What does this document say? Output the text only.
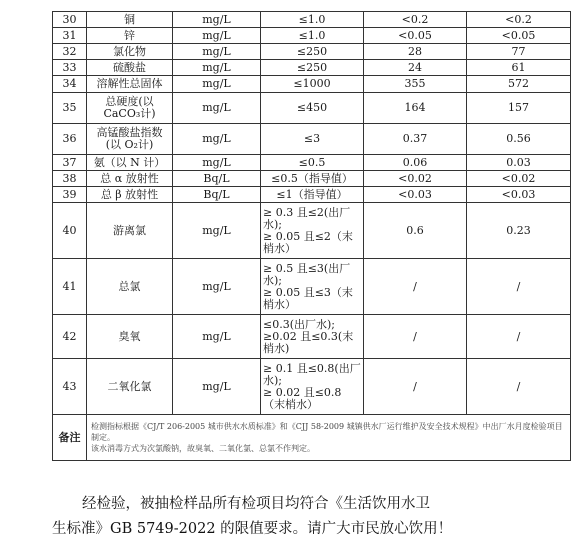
30	铜	mg/L	≤1.0	<0.2	<0.2
31	锌	mg/L	≤1.0	<0.05	<0.05
32	氯化物	mg/L	≤250	28	77
33	硫酸盐	mg/L	≤250	24	61
34	溶解性总固体	mg/L	≤1000	355	572
35	总硬度(以CaCO₃计)	mg/L	≤450	164	157
36	高锰酸盐指数(以 O₂计)	mg/L	≤3	0.37	0.56
37	氨（以 N 计）	mg/L	≤0.5	0.06	0.03
38	总 α 放射性	Bq/L	≤0.5（指导值）	<0.02	<0.02
39	总 β 放射性	Bq/L	≤1（指导值）	<0.03	<0.03
40	游离氯	mg/L	≥ 0.3 且≤2(出厂水);
≥ 0.05 且≤2（末梢水）	0.6	0.23
41	总氯	mg/L	≥ 0.5 且≤3(出厂水);
≥ 0.05 且≤3（末梢水）	/	/
42	臭氧	mg/L	≤0.3(出厂水);
≥0.02 且≤0.3(末梢水)	/	/
43	二氧化氯	mg/L	≥ 0.1 且≤0.8(出厂水);
≥ 0.02 且≤0.8（末梢水）	/	/
备注	检测指标根据《CJ/T 206-2005 城市供水水质标准》和《CJJ 58-2009 城镇供水厂运行维护及安全技术规程》中出厂水月度检验项目制定。
该水消毒方式为次氯酸钠，故臭氧、二氧化氯、总氯不作判定。				

经检验，被抽检样品所有检项目均符合《生活饮用水卫

生标准》GB 5749-2022 的限值要求。请广大市民放心饮用！
